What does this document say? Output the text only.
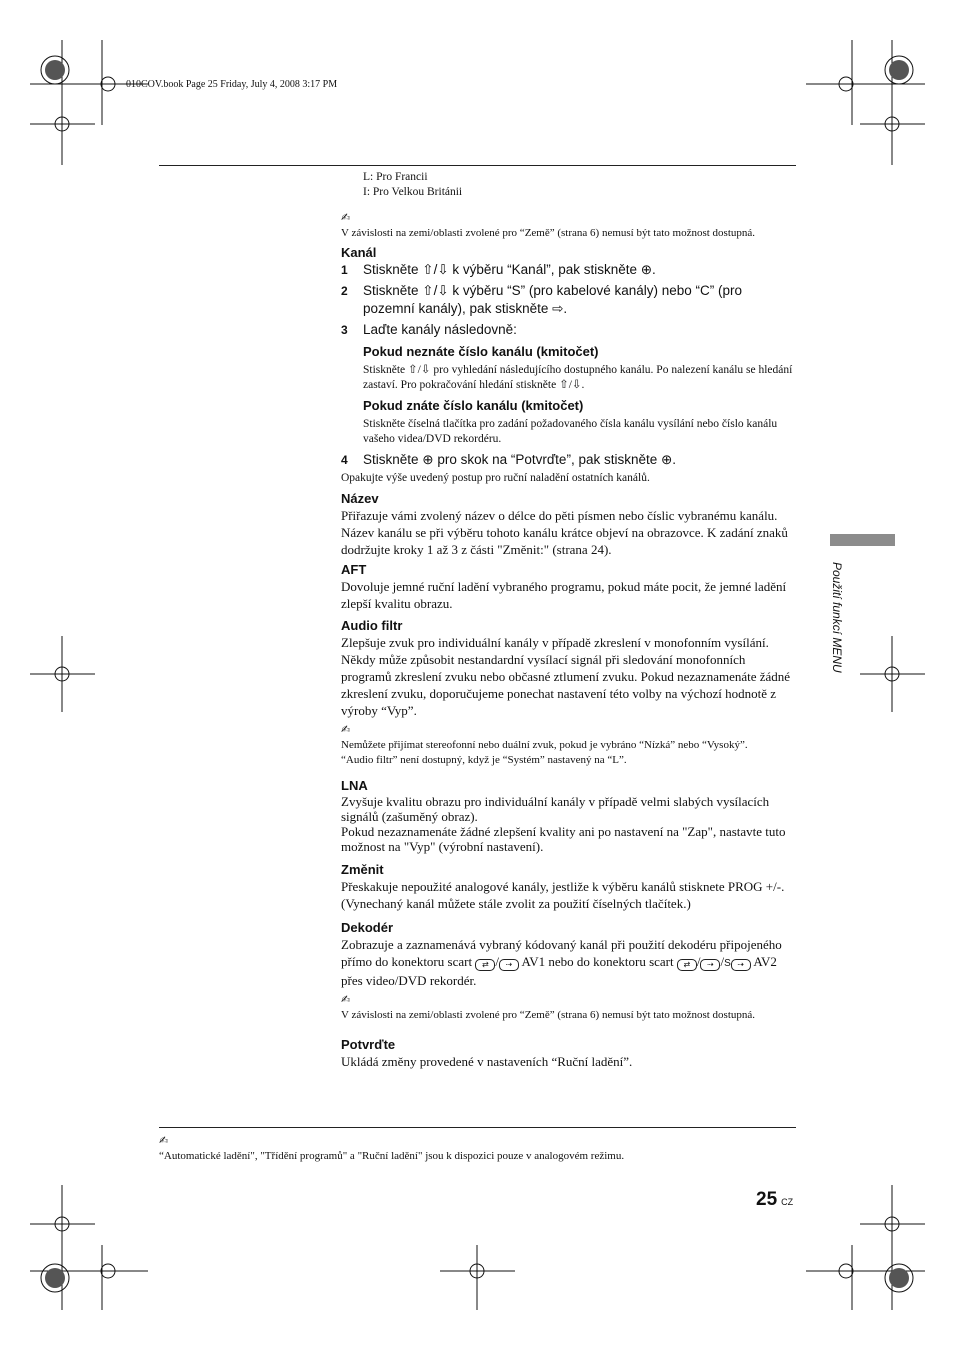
010COV.book Page 25 Friday, July 4, 2008 3:17 PM

L: Pro Francii

I: Pro Velkou Británii

✍

V závislosti na zemi/oblasti zvolené pro “Země” (strana 6) nemusí být tato možnost dostupná.

Kanál

1 Stiskněte ⇧/⇩ k výběru “Kanál”, pak stiskněte ⊕.

2 Stiskněte ⇧/⇩ k výběru “S” (pro kabelové kanály) nebo “C” (pro pozemní kanály), pak stiskněte ⇨.

3 Laďte kanály následovně:

Pokud neznáte číslo kanálu (kmitočet)

Stiskněte ⇧/⇩ pro vyhledání následujícího dostupného kanálu. Po nalezení kanálu se hledání zastaví. Pro pokračování hledání stiskněte ⇧/⇩.

Pokud znáte číslo kanálu (kmitočet)

Stiskněte číselná tlačítka pro zadání požadovaného čísla kanálu vysílání nebo číslo kanálu vašeho videa/DVD rekordéru.

4 Stiskněte ⊕ pro skok na “Potvrďte”, pak stiskněte ⊕.

Opakujte výše uvedený postup pro ruční naladění ostatních kanálů.

Název

Přiřazuje vámi zvolený název o délce do pěti písmen nebo číslic vybranému kanálu. Název kanálu se při výběru tohoto kanálu krátce objeví na obrazovce. K zadání znaků dodržujte kroky 1 až 3 z části "Změnit:" (strana 24).

AFT

Dovoluje jemné ruční ladění vybraného programu, pokud máte pocit, že jemné ladění zlepší kvalitu obrazu.

Audio filtr

Zlepšuje zvuk pro individuální kanály v případě zkreslení v monofonním vysílání. Někdy může způsobit nestandardní vysílací signál při sledování monofonních programů zkreslení zvuku nebo občasné ztlumení zvuku. Pokud nezaznamenáte žádné zkreslení zvuku, doporučujeme ponechat nastavení této volby na výchozí hodnotě z výroby “Vyp”.

✍

Nemůžete přijímat stereofonní nebo duální zvuk, pokud je vybráno “Nízká” nebo “Vysoký”.

“Audio filtr” není dostupný, když je “Systém” nastavený na “L”.

LNA

Zvyšuje kvalitu obrazu pro individuální kanály v případě velmi slabých vysílacích signálů (zašuměný obraz).

Pokud nezaznamenáte žádné zlepšení kvality ani po nastavení na "Zap", nastavte tuto možnost na "Vyp" (výrobní nastavení).

Změnit

Přeskakuje nepoužité analogové kanály, jestliže k výběru kanálů stisknete PROG +/-. (Vynechaný kanál můžete stále zvolit za použití číselných tlačítek.)

Dekodér

Zobrazuje a zaznamenává vybraný kódovaný kanál při použití dekodéru připojeného přímo do konektoru scart ⇄ / ⇢ AV1 nebo do konektoru scart ⇄ / ⇢ /S ⇢ AV2 přes video/DVD rekordér.

✍

V závislosti na zemi/oblasti zvolené pro “Země” (strana 6) nemusí být tato možnost dostupná.

Potvrďte

Ukládá změny provedené v nastaveních “Ruční ladění”.

✍

“Automatické ladění", "Třídění programů" a "Ruční ladění" jsou k dispozici pouze v analogovém režimu.

25 CZ
Použití funkcí MENU
